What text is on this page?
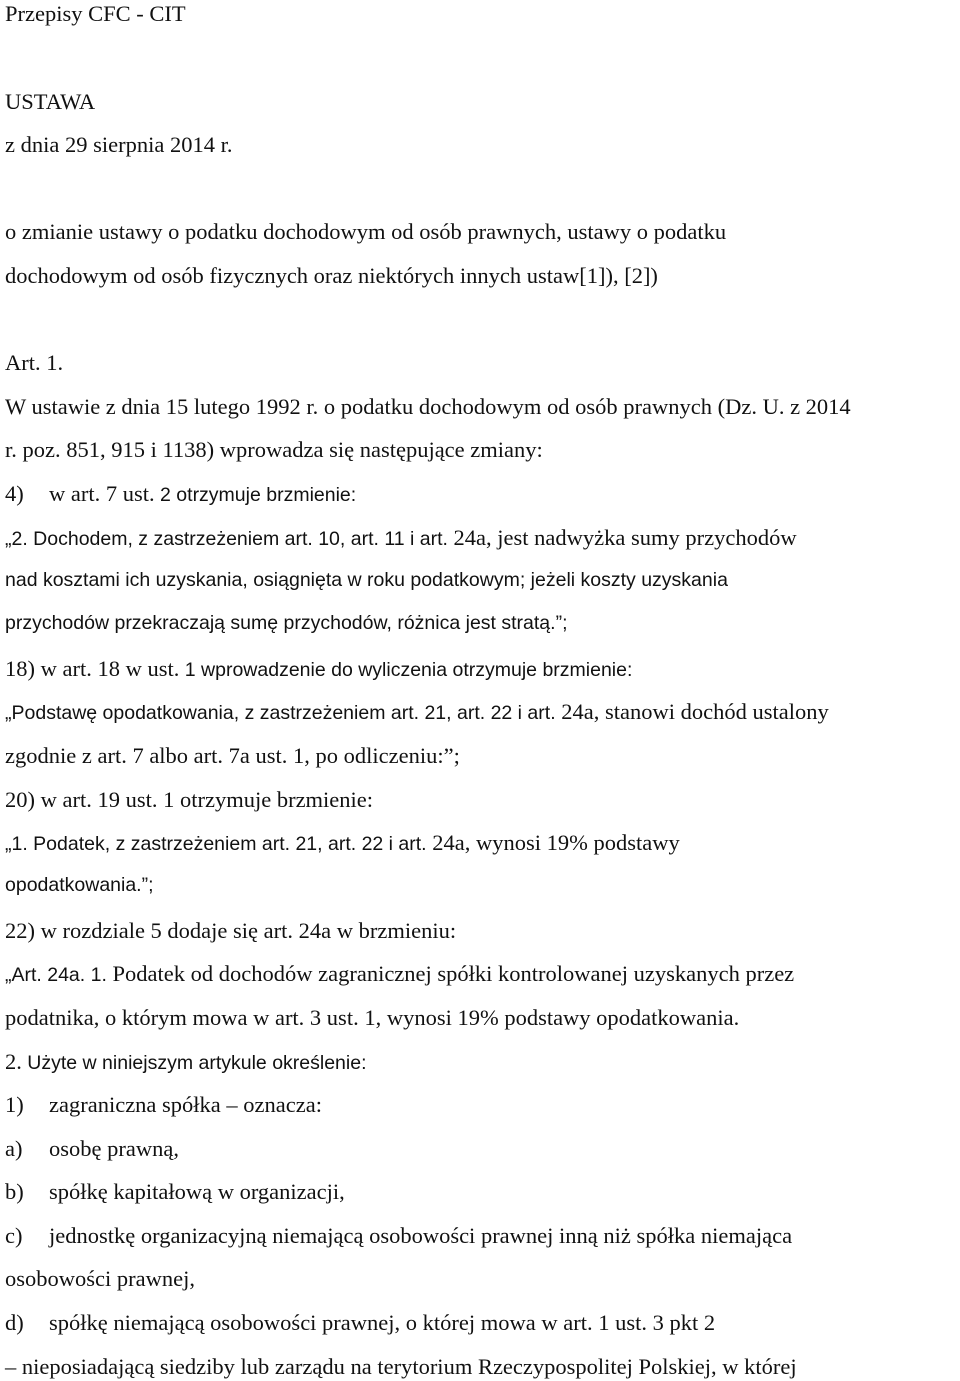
Przepisy CFC - CIT
USTAWA
z dnia 29 sierpnia 2014 r.
o zmianie ustawy o podatku dochodowym od osób prawnych, ustawy o podatku
dochodowym od osób fizycznych oraz niektórych innych ustaw[1]), [2])
Art. 1.
W ustawie z dnia 15 lutego 1992 r. o podatku dochodowym od osób prawnych (Dz. U. z 2014
r. poz. 851, 915 i 1138) wprowadza się następujące zmiany:
4) w art. 7 ust. 2 otrzymuje brzmienie:
„2. Dochodem, z zastrzeżeniem art. 10, art. 11 i art. 24a, jest nadwyżka sumy przychodów
nad kosztami ich uzyskania, osiągnięta w roku podatkowym; jeżeli koszty uzyskania
przychodów przekraczają sumę przychodów, różnica jest stratą.”;
18) w art. 18 w ust. 1 wprowadzenie do wyliczenia otrzymuje brzmienie:
„Podstawę opodatkowania, z zastrzeżeniem art. 21, art. 22 i art. 24a, stanowi dochód ustalony
zgodnie z art. 7 albo art. 7a ust. 1, po odliczeniu:”;
20) w art. 19 ust. 1 otrzymuje brzmienie:
„1. Podatek, z zastrzeżeniem art. 21, art. 22 i art. 24a, wynosi 19% podstawy
opodatkowania.”;
22) w rozdziale 5 dodaje się art. 24a w brzmieniu:
„Art. 24a. 1. Podatek od dochodów zagranicznej spółki kontrolowanej uzyskanych przez
podatnika, o którym mowa w art. 3 ust. 1, wynosi 19% podstawy opodatkowania.
2. Użyte w niniejszym artykule określenie:
1) zagraniczna spółka – oznacza:
a) osobę prawną,
b) spółkę kapitałową w organizacji,
c) jednostkę organizacyjną niemającą osobowości prawnej inną niż spółka niemająca
osobowości prawnej,
d) spółkę niemającą osobowości prawnej, o której mowa w art. 1 ust. 3 pkt 2
– nieposiadającą siedziby lub zarządu na terytorium Rzeczypospolitej Polskiej, w której
